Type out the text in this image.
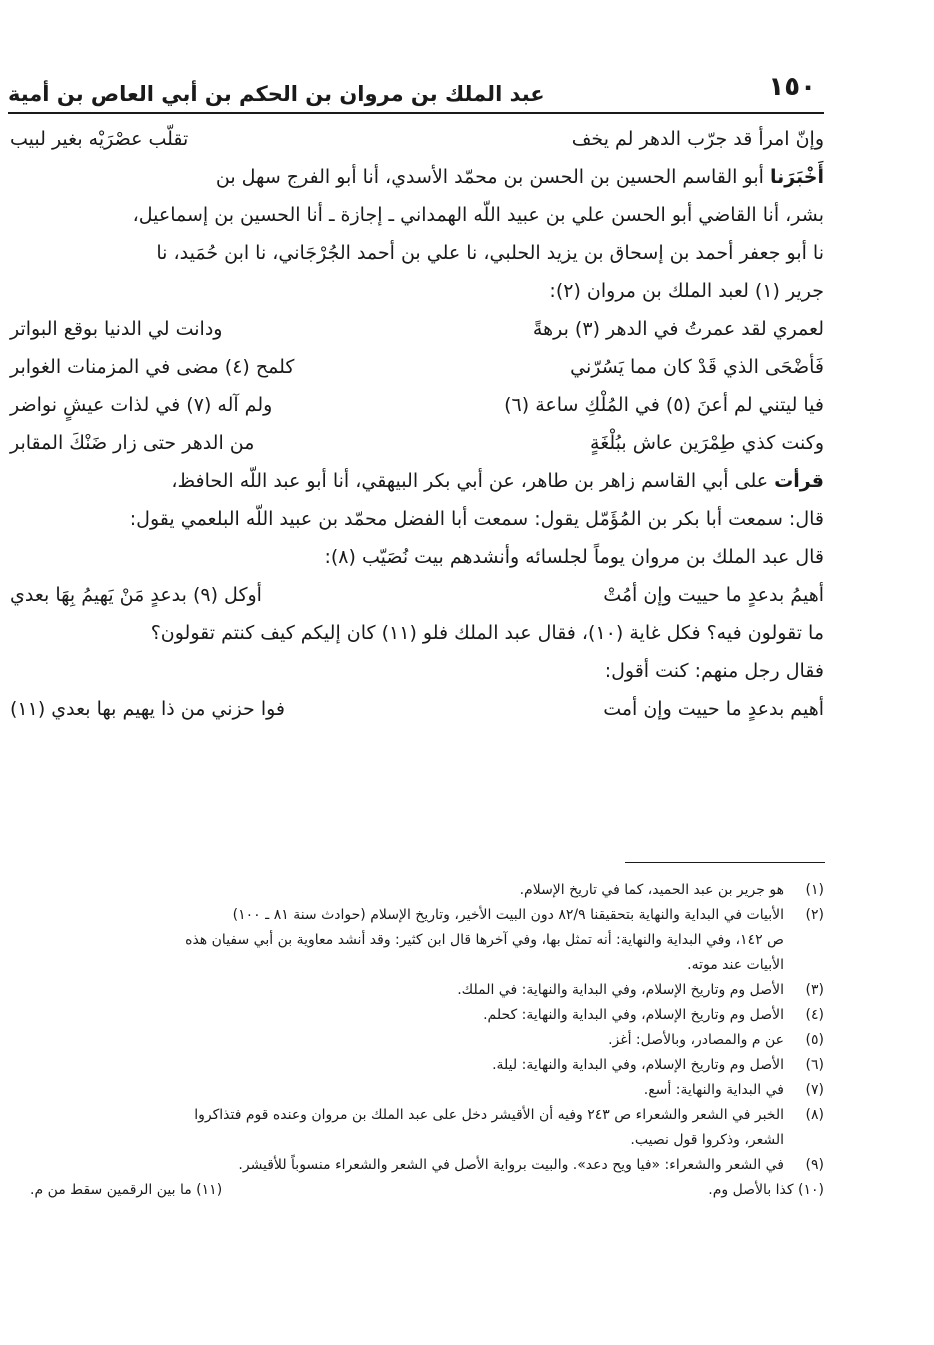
١٥٠
عبد الملك بن مروان بن الحكم بن أبي العاص بن أمية
وإنّ امرأ قد جرّب الدهر لم يخف
تقلّب عصْرَيْه بغير لبيب
أَخْبَرَنا أبو القاسم الحسين بن الحسن بن محمّد الأسدي، أنا أبو الفرج سهل بن
بشر، أنا القاضي أبو الحسن علي بن عبيد اللّه الهمداني ـ إجازة ـ أنا الحسين بن إسماعيل،
نا أبو جعفر أحمد بن إسحاق بن يزيد الحلبي، نا علي بن أحمد الجُرْجَاني، نا ابن حُمَيد، نا
جرير (١) لعبد الملك بن مروان (٢):
لعمري لقد عمرتُ في الدهر (٣) برهةً
ودانت لي الدنيا بوقع البواتر
فَأضْحَى الذي قَدْ كان مما يَسُرّني
كلمح (٤) مضى في المزمنات الغوابر
فيا ليتني لم أعنَ (٥) في المُلْكِ ساعة (٦)
ولم آله (٧) في لذات عيشٍ نواضر
وكنت كذي طِمْرَين عاش ببُلْغَةٍ
من الدهر حتى زار ضَنْكَ المقابر
قرأت على أبي القاسم زاهر بن طاهر، عن أبي بكر البيهقي، أنا أبو عبد اللّه الحافظ،
قال: سمعت أبا بكر بن المُؤَمّل يقول: سمعت أبا الفضل محمّد بن عبيد اللّه البلعمي يقول:
قال عبد الملك بن مروان يوماً لجلسائه وأنشدهم بيت نُصَيّب (٨):
أهيمُ بدعدٍ ما حييت وإن أمُتْ
أوكل (٩) بدعدٍ مَنْ يَهيمُ بِهَا بعدي
ما تقولون فيه؟ فكل غاية (١٠)، فقال عبد الملك فلو (١١) كان إليكم كيف كنتم تقولون؟
فقال رجل منهم: كنت أقول:
أهيم بدعدٍ ما حييت وإن أمت
فوا حزني من ذا يهيم بها بعدي (١١)
(١)
هو جرير بن عبد الحميد، كما في تاريخ الإسلام.
(٢)
الأبيات في البداية والنهاية بتحقيقنا ٨٢/٩ دون البيت الأخير، وتاريخ الإسلام (حوادث سنة ٨١ ـ ١٠٠)
ص ١٤٢، وفي البداية والنهاية: أنه تمثل بها، وفي آخرها قال ابن كثير: وقد أنشد معاوية بن أبي سفيان هذه
الأبيات عند موته.
(٣)
الأصل وم وتاريخ الإسلام، وفي البداية والنهاية: في الملك.
(٤)
الأصل وم وتاريخ الإسلام، وفي البداية والنهاية: كحلم.
(٥)
عن م والمصادر، وبالأصل: أغز.
(٦)
الأصل وم وتاريخ الإسلام، وفي البداية والنهاية: ليلة.
(٧)
في البداية والنهاية: أسع.
(٨)
الخبر في الشعر والشعراء ص ٢٤٣ وفيه أن الأقيشر دخل على عبد الملك بن مروان وعنده قوم فتذاكروا
الشعر، وذكروا قول نصيب.
(٩)
في الشعر والشعراء: «فيا ويح دعد». والبيت برواية الأصل في الشعر والشعراء منسوباً للأقيشر.
(١٠) كذا بالأصل وم.
(١١) ما بين الرقمين سقط من م.
